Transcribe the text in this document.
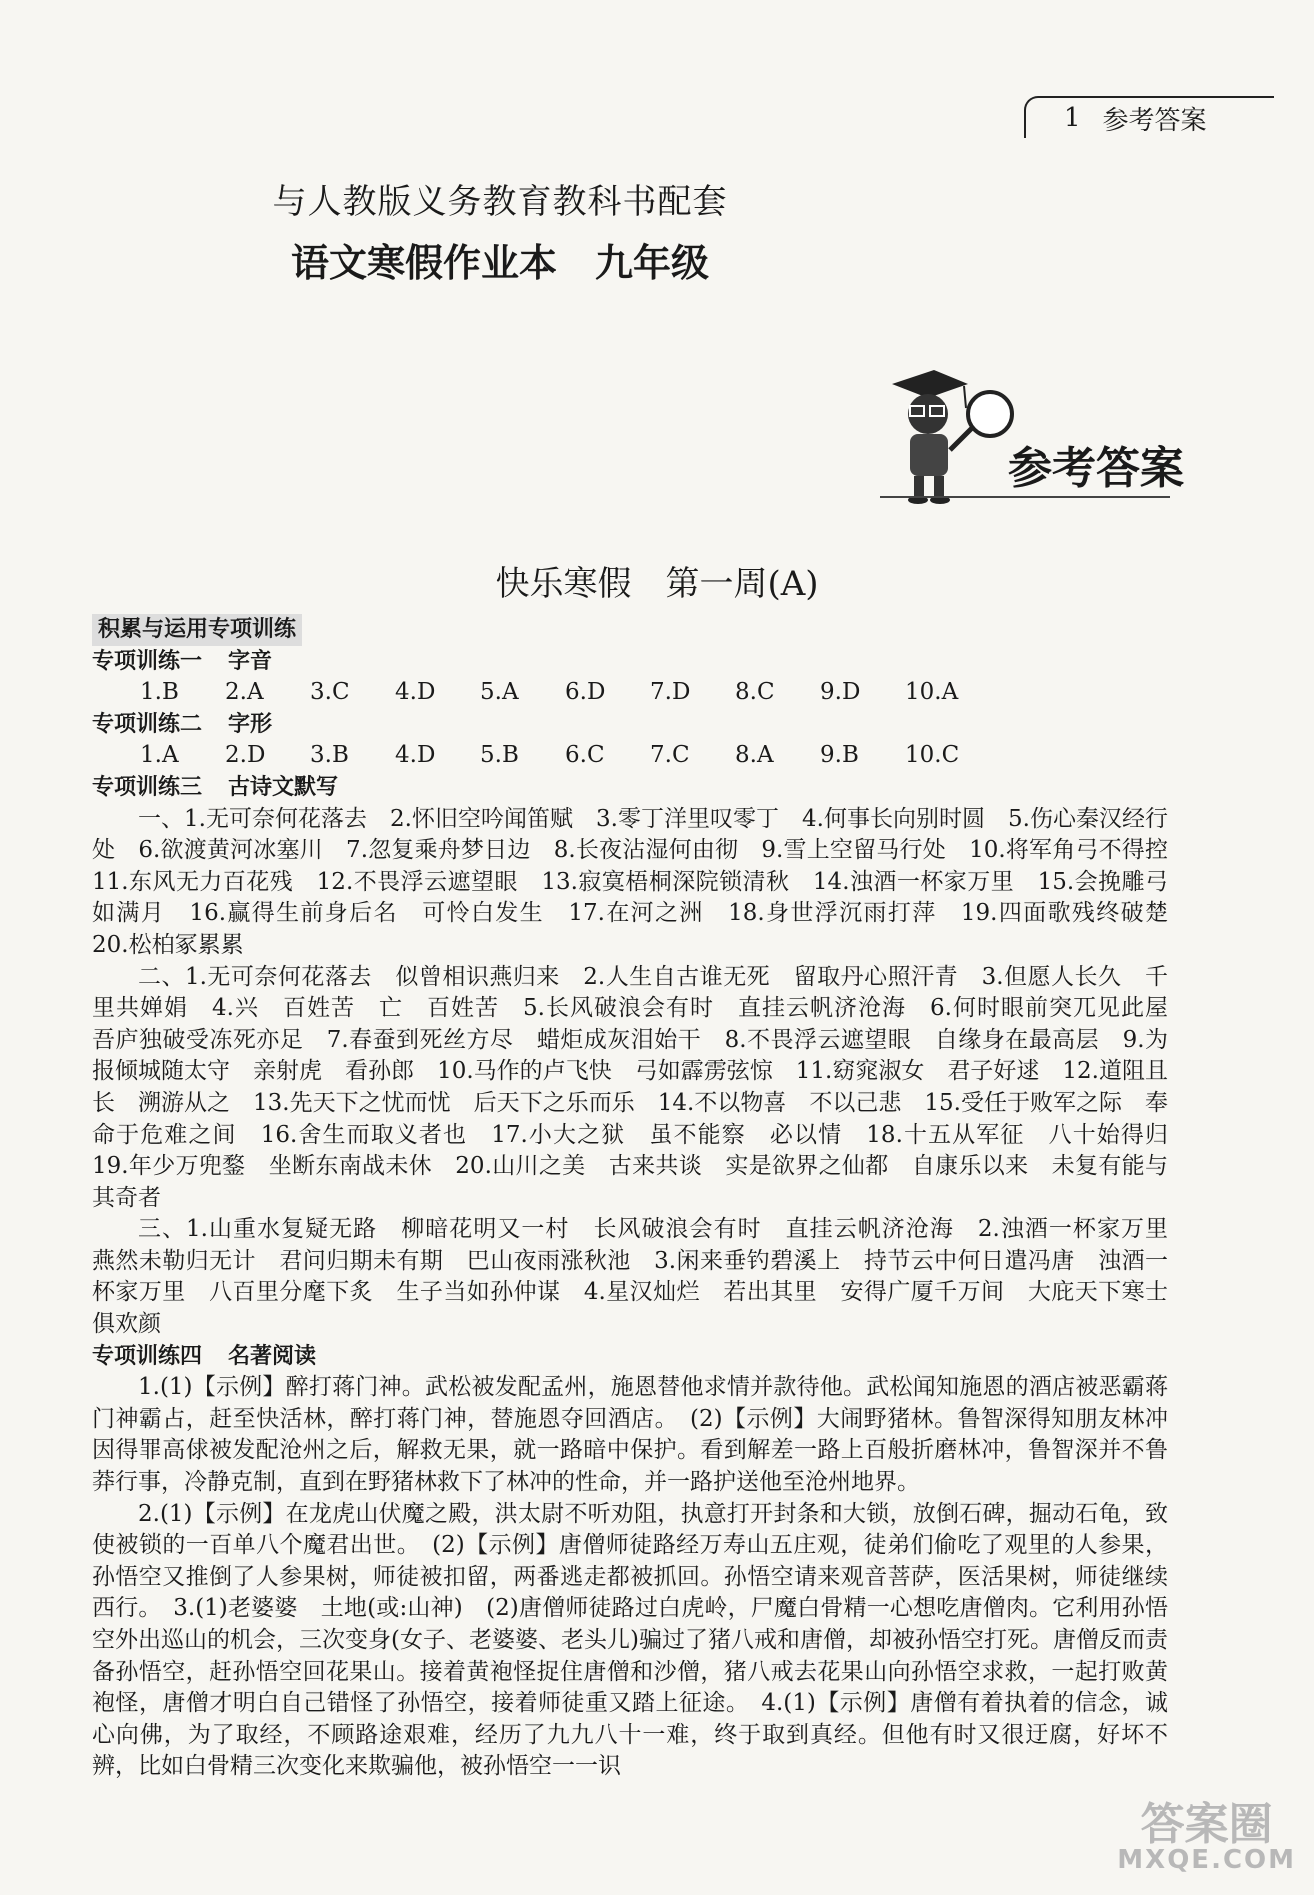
1 参考答案
与人教版义务教育教科书配套
语文寒假作业本　九年级
参考答案
快乐寒假　第一周(A)
积累与运用专项训练
专项训练一 字音
1.B	2.A	3.C	4.D	5.A	6.D	7.D	8.C	9.D	10.A
专项训练二 字形
1.A	2.D	3.B	4.D	5.B	6.C	7.C	8.A	9.B	10.C
专项训练三 古诗文默写

一、1.无可奈何花落去　2.怀旧空吟闻笛赋　3.零丁洋里叹零丁　4.何事长向别时圆　5.伤心秦汉经行处　6.欲渡黄河冰塞川　7.忽复乘舟梦日边　8.长夜沾湿何由彻　9.雪上空留马行处　10.将军角弓不得控　11.东风无力百花残　12.不畏浮云遮望眼　13.寂寞梧桐深院锁清秋　14.浊酒一杯家万里　15.会挽雕弓如满月　16.赢得生前身后名　可怜白发生　17.在河之洲　18.身世浮沉雨打萍　19.四面歌残终破楚　20.松柏冢累累

二、1.无可奈何花落去　似曾相识燕归来　2.人生自古谁无死　留取丹心照汗青　3.但愿人长久　千里共婵娟　4.兴　百姓苦　亡　百姓苦　5.长风破浪会有时　直挂云帆济沧海　6.何时眼前突兀见此屋　吾庐独破受冻死亦足　7.春蚕到死丝方尽　蜡炬成灰泪始干　8.不畏浮云遮望眼　自缘身在最高层　9.为报倾城随太守　亲射虎　看孙郎　10.马作的卢飞快　弓如霹雳弦惊　11.窈窕淑女　君子好逑　12.道阻且长　溯游从之　13.先天下之忧而忧　后天下之乐而乐　14.不以物喜　不以己悲　15.受任于败军之际　奉命于危难之间　16.舍生而取义者也　17.小大之狱　虽不能察　必以情　18.十五从军征　八十始得归　19.年少万兜鍪　坐断东南战未休　20.山川之美　古来共谈　实是欲界之仙都　自康乐以来　未复有能与其奇者

三、1.山重水复疑无路　柳暗花明又一村　长风破浪会有时　直挂云帆济沧海　2.浊酒一杯家万里　燕然未勒归无计　君问归期未有期　巴山夜雨涨秋池　3.闲来垂钓碧溪上　持节云中何日遣冯唐　浊酒一杯家万里　八百里分麾下炙　生子当如孙仲谋　4.星汉灿烂　若出其里　安得广厦千万间　大庇天下寒士俱欢颜

专项训练四 名著阅读

1.(1)【示例】醉打蒋门神。武松被发配孟州，施恩替他求情并款待他。武松闻知施恩的酒店被恶霸蒋门神霸占，赶至快活林，醉打蒋门神，替施恩夺回酒店。　(2)【示例】大闹野猪林。鲁智深得知朋友林冲因得罪高俅被发配沧州之后，解救无果，就一路暗中保护。看到解差一路上百般折磨林冲，鲁智深并不鲁莽行事，冷静克制，直到在野猪林救下了林冲的性命，并一路护送他至沧州地界。

2.(1)【示例】在龙虎山伏魔之殿，洪太尉不听劝阻，执意打开封条和大锁，放倒石碑，掘动石龟，致使被锁的一百单八个魔君出世。　(2)【示例】唐僧师徒路经万寿山五庄观，徒弟们偷吃了观里的人参果，孙悟空又推倒了人参果树，师徒被扣留，两番逃走都被抓回。孙悟空请来观音菩萨，医活果树，师徒继续西行。　3.(1)老婆婆　土地(或:山神)　(2)唐僧师徒路过白虎岭，尸魔白骨精一心想吃唐僧肉。它利用孙悟空外出巡山的机会，三次变身(女子、老婆婆、老头儿)骗过了猪八戒和唐僧，却被孙悟空打死。唐僧反而责备孙悟空，赶孙悟空回花果山。接着黄袍怪捉住唐僧和沙僧，猪八戒去花果山向孙悟空求救，一起打败黄袍怪，唐僧才明白自己错怪了孙悟空，接着师徒重又踏上征途。　4.(1)【示例】唐僧有着执着的信念，诚心向佛，为了取经，不顾路途艰难，经历了九九八十一难，终于取到真经。但他有时又很迂腐，好坏不辨，比如白骨精三次变化来欺骗他，被孙悟空一一识

答案圈
MXQE.COM
